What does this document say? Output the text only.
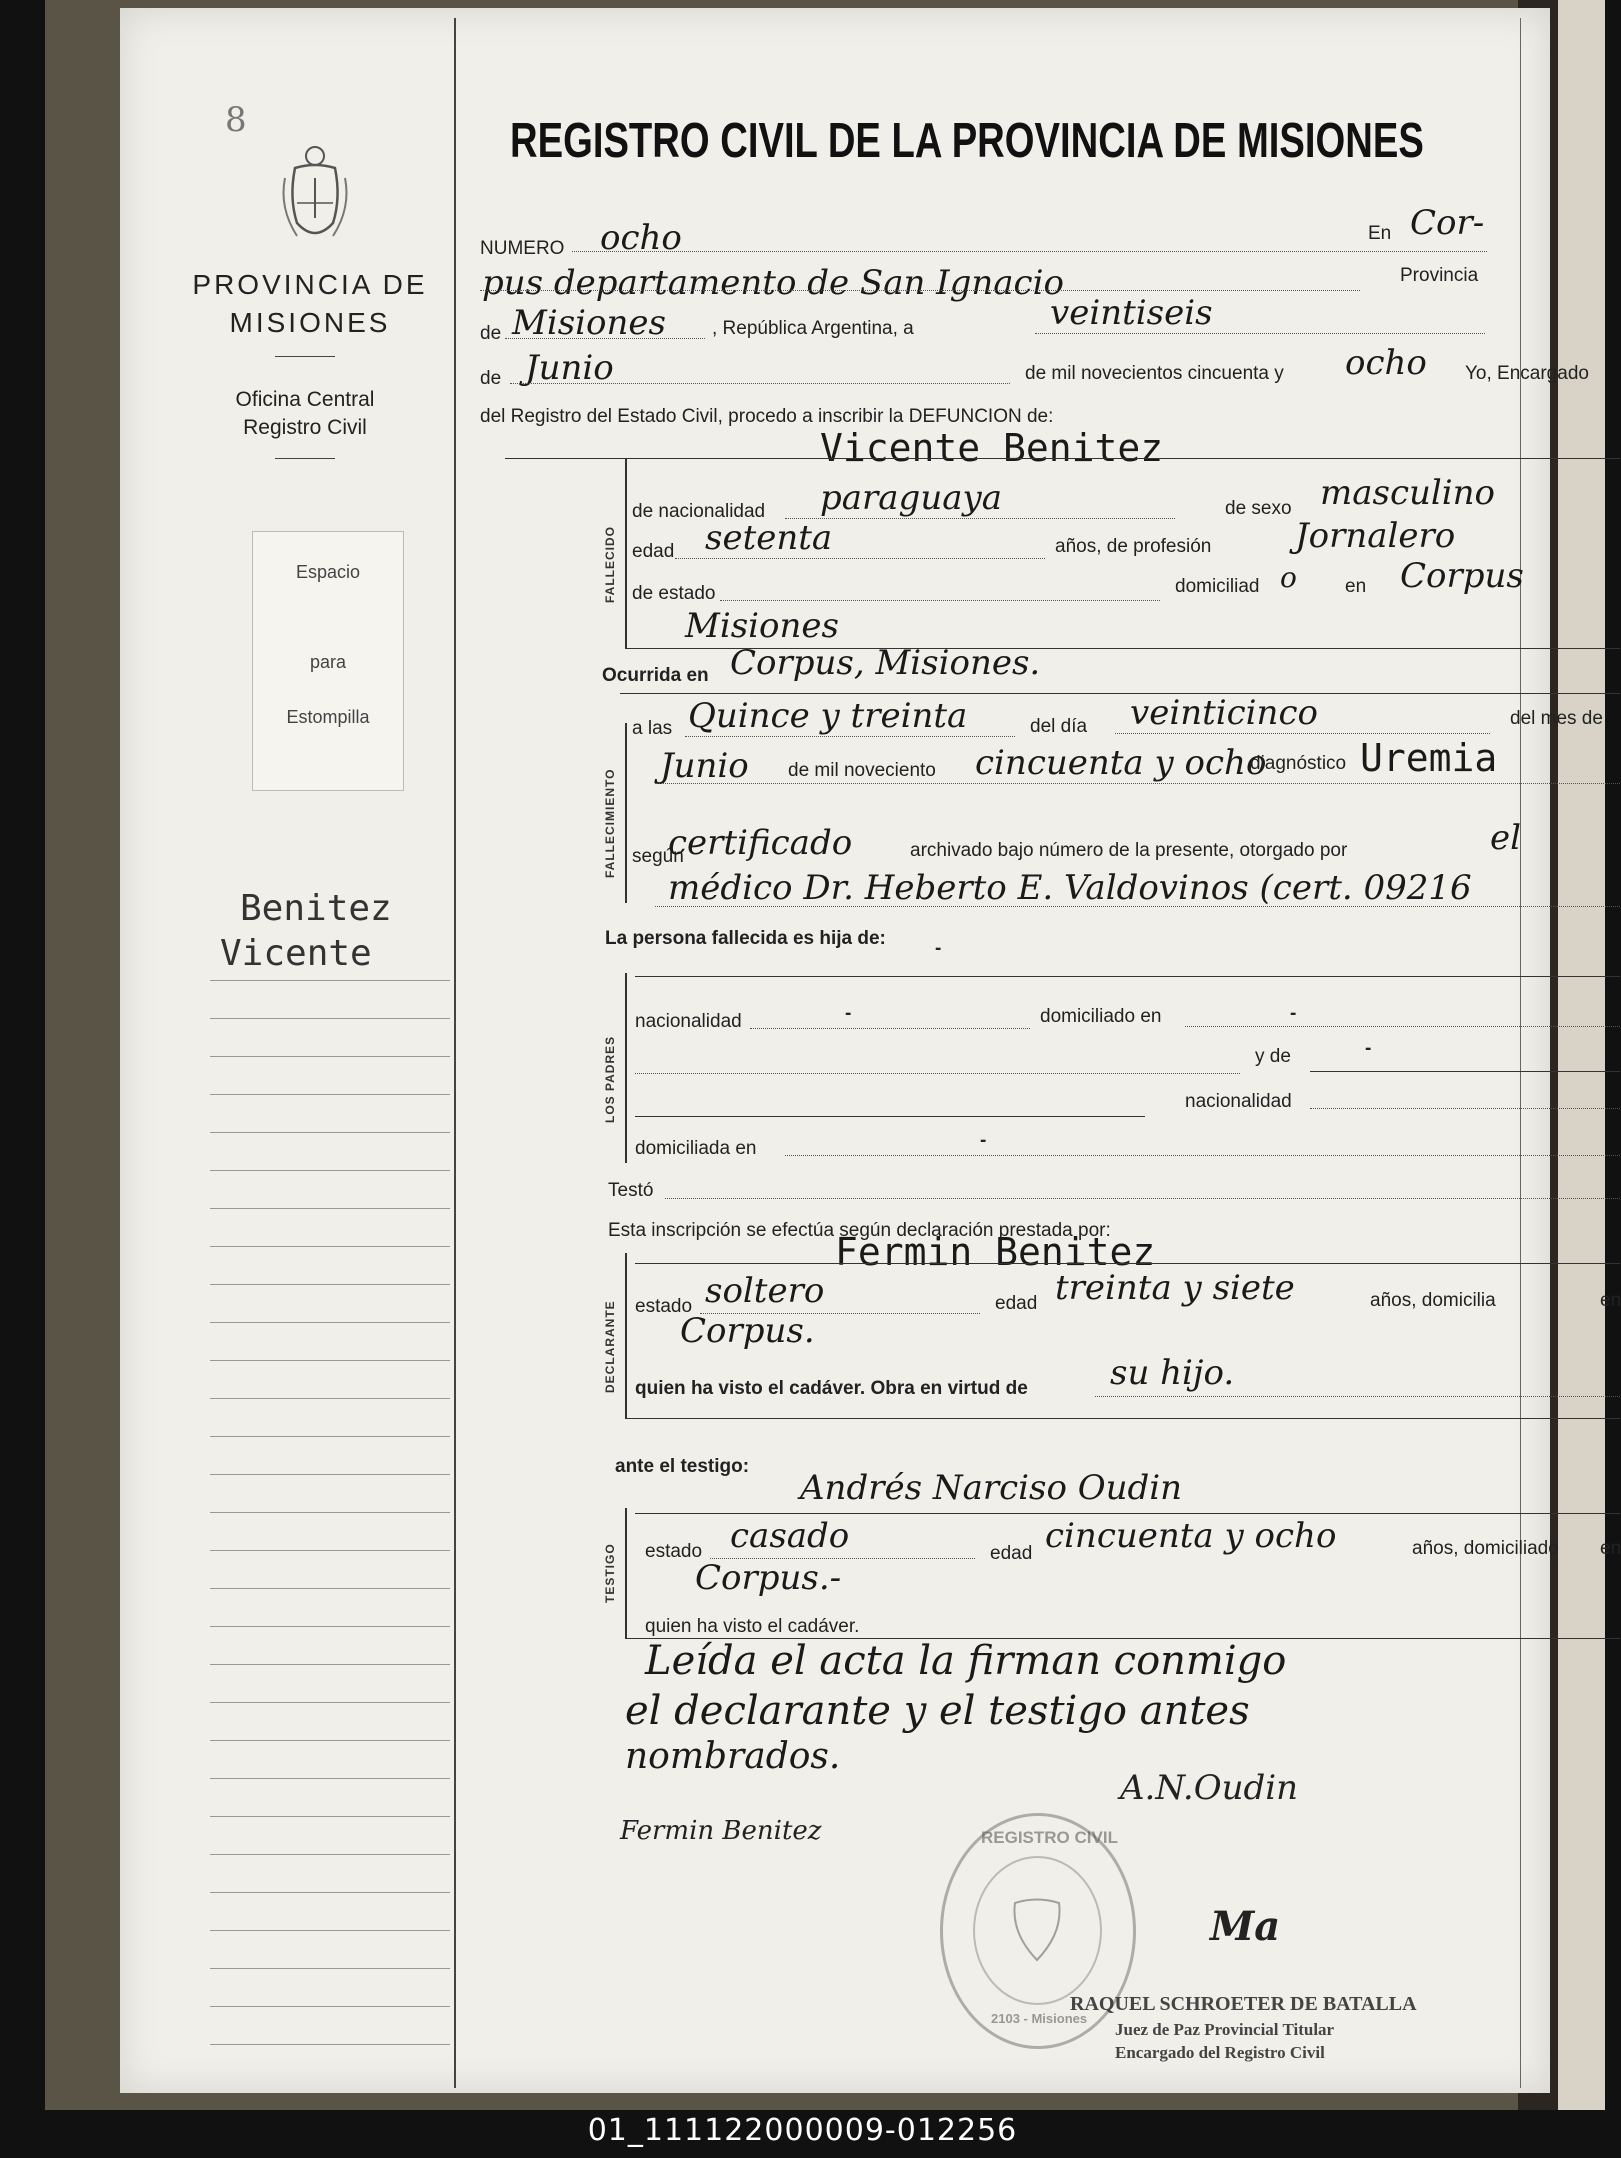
8
PROVINCIA DE
MISIONES
Oficina Central
Registro Civil
Espacio
para
Estompilla
Benitez
Vicente
REGISTRO CIVIL DE LA PROVINCIA DE MISIONES
NUMERO ocho	En Cor-
pus departamento de San Ignacio	Provincia
de Misiones , República Argentina, a	veintiseis
de Junio	de mil novecientos cincuenta y ocho Yo, Encargado
del Registro del Estado Civil, procedo a inscribir la DEFUNCION de:
Vicente Benitez
FALLECIDO
de nacionalidad paraguaya	de sexo masculino
edad setenta	años, de profesión Jornalero
de estado	domiciliad o	en Corpus
Misiones
Ocurrida en Corpus, Misiones.
FALLECIMIENTO
a las Quince y treinta	del día veinticinco	del mes de
Junio de mil noveciento cincuenta y ocho
diagnóstico Uremia
según
certificado	archivado bajo número de la presente, otorgado por	el
médico Dr. Heberto E. Valdovinos (cert. 09216
La persona fallecida es hija de:	-
LOS PADRES
nacionalidad	-	domiciliado en	-
y de	-
nacionalidad
domiciliada en	-
Testó
Esta inscripción se efectúa según declaración prestada por:
Fermin Benitez
DECLARANTE estado soltero	edad treinta y siete	años, domicilia	en
Corpus.
quien ha visto el cadáver. Obra en virtud de su hijo.
ante el testigo:
Andrés Narciso Oudin
TESTIGO estado casado	edad cincuenta y ocho	años, domiciliado en
Corpus.-
quien ha visto el cadáver.
Leída el acta la firman conmigo
el declarante y el testigo antes
nombrados.
A.N.Oudin
Fermin Benitez	REGISTRO CIVIL
2103 - Misiones
Ma
RAQUEL SCHROETER DE BATALLA
Juez de Paz Provincial Titular
Encargado del Registro Civil
01_111122000009-012256
